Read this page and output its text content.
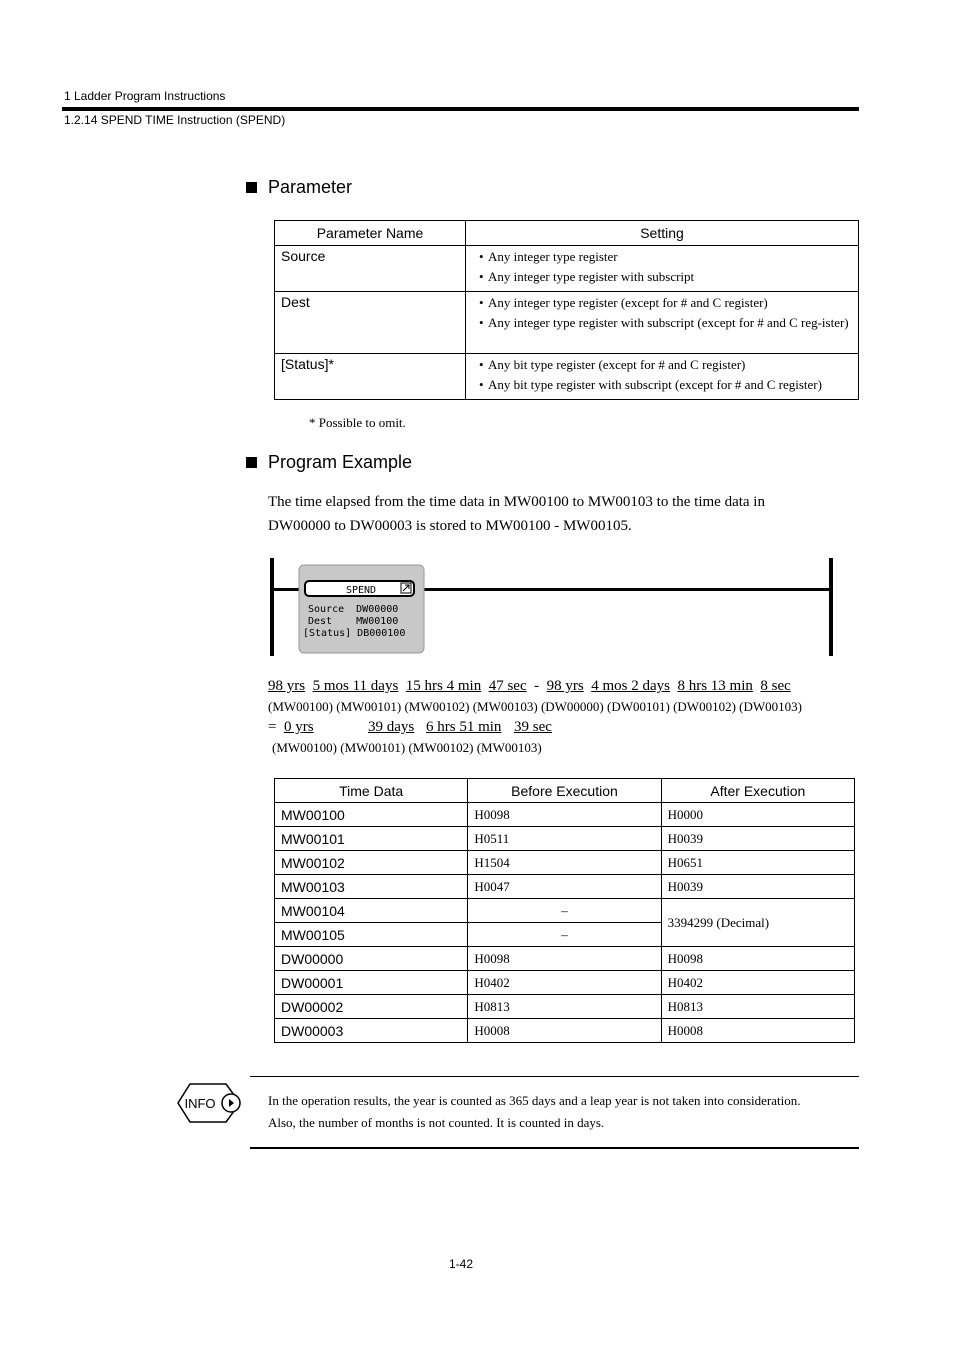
1 Ladder Program Instructions
1.2.14 SPEND TIME Instruction (SPEND)
Parameter
Parameter Name	Setting
Source	• Any integer type register
• Any integer type register with subscript

Dest	• Any integer type register (except for # and C register)
• Any integer type register with subscript (except for # and C reg-ister)

[Status]*	• Any bit type register (except for # and C register)
• Any bit type register with subscript (except for # and C register)
* Possible to omit.
Program Example
The time elapsed from the time data in MW00100 to MW00103 to the time data in DW00000 to DW00003 is stored to MW00100 - MW00105.
SPEND
Source  DW00000
Dest    MW00100
[Status] DB000100
98 yrs 5 mos 11 days 15 hrs 4 min 47 sec - 98 yrs 4 mos 2 days 8 hrs 13 min 8 sec
(MW00100) (MW00101) (MW00102) (MW00103) (DW00000) (DW00101) (DW00102) (DW00103)
= 0 yrs	39 days 6 hrs 51 min 39 sec
(MW00100) (MW00101) (MW00102) (MW00103)
Time Data	Before Execution	After Execution
MW00100	H0098	H0000
MW00101	H0511	H0039
MW00102	H1504	H0651
MW00103	H0047	H0039
MW00104	–	3394299 (Decimal)
MW00105	–	
DW00000	H0098	H0098
DW00001	H0402	H0402
DW00002	H0813	H0813
DW00003	H0008	H0008
INFO	In the operation results, the year is counted as 365 days and a leap year is not taken into consideration.
Also, the number of months is not counted. It is counted in days.
1-42
